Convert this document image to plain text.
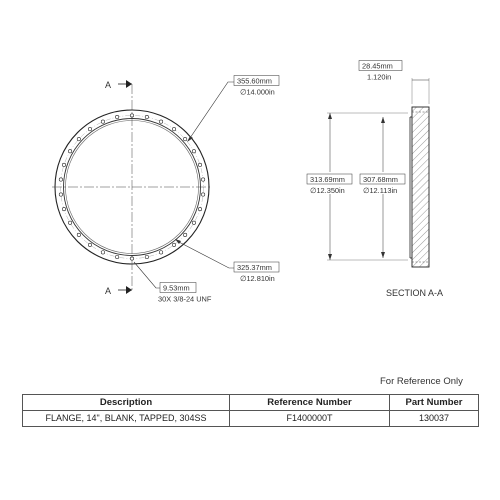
A
A
355.60mm
∅14.000in
325.37mm
∅12.810in
9.53mm
30X 3/8-24 UNF
28.45mm
1.120in
313.69mm
∅12.350in
307.68mm
∅12.113in
SECTION A-A
For Reference Only
Description	Reference Number	Part Number
FLANGE, 14", BLANK, TAPPED, 304SS	F1400000T	130037
